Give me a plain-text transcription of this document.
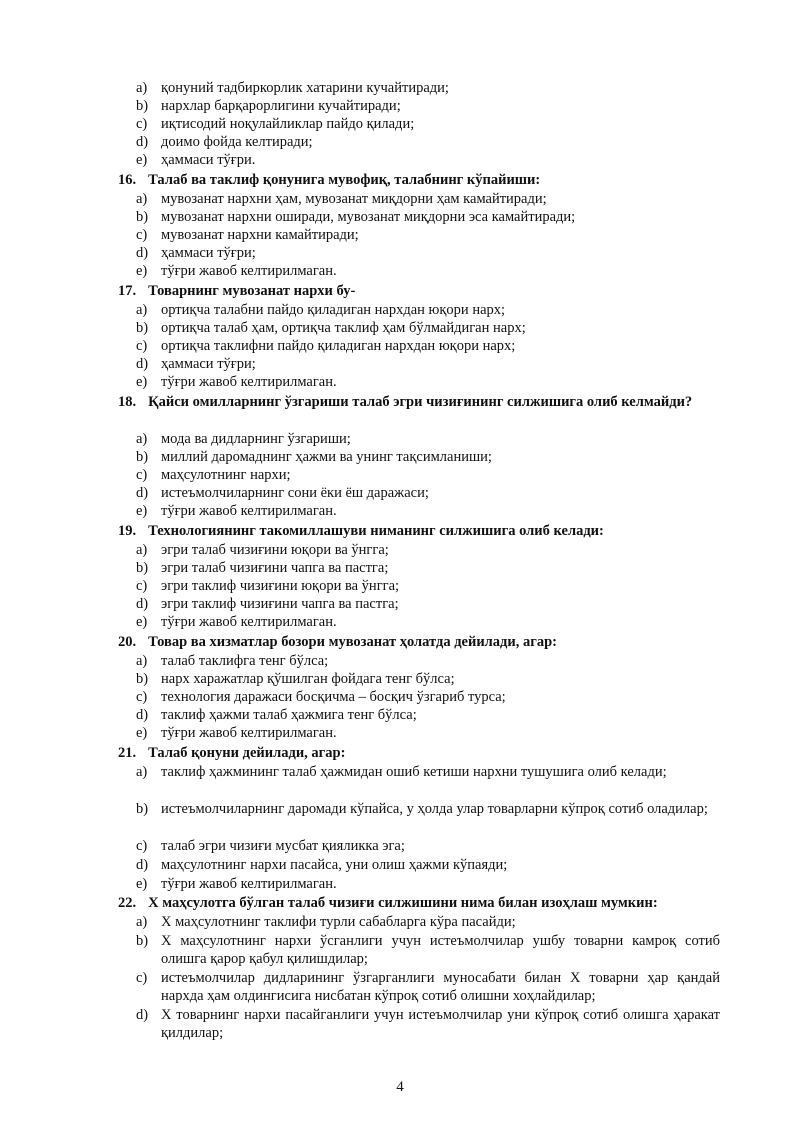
a) қонуний тадбиркорлик хатарини кучайтиради;
b) нархлар барқарорлигини кучайтиради;
c) иқтисодий ноқулайликлар пайдо қилади;
d) доимо фойда келтиради;
e) ҳаммаси тўғри.
16. Талаб ва таклиф қонунига мувофиқ, талабнинг кўпайиши:
a) мувозанат нархни ҳам, мувозанат миқдорни ҳам камайтиради;
b) мувозанат нархни оширади, мувозанат миқдорни эса камайтиради;
c) мувозанат нархни камайтиради;
d) ҳаммаси тўғри;
e) тўғри жавоб келтирилмаган.
17. Товарнинг мувозанат нархи бу-
a) ортиқча талабни пайдо қиладиган нархдан юқори нарх;
b) ортиқча талаб ҳам, ортиқча таклиф ҳам бўлмайдиган нарх;
c) ортиқча таклифни пайдо қиладиган нархдан юқори нарх;
d) ҳаммаси тўғри;
e) тўғри жавоб келтирилмаган.
18. Қайси омилларнинг ўзгариши талаб эгри чизиғининг силжишига олиб келмайди?
a) мода ва дидларнинг ўзгариши;
b) миллий даромаднинг ҳажми ва унинг тақсимланиши;
c) маҳсулотнинг нархи;
d) истеъмолчиларнинг сони ёки ёш даражаси;
e) тўғри жавоб келтирилмаган.
19. Технологиянинг такомиллашуви ниманинг силжишига олиб келади:
a) эгри талаб чизиғини юқори ва ўнгга;
b) эгри талаб чизиғини чапга ва пастга;
c) эгри таклиф чизиғини юқори ва ўнгга;
d) эгри таклиф чизиғини чапга ва пастга;
e) тўғри жавоб келтирилмаган.
20. Товар ва хизматлар бозори мувозанат ҳолатда дейилади, агар:
a) талаб таклифга тенг бўлса;
b) нарх харажатлар қўшилган фойдага тенг бўлса;
c) технология даражаси босқичма – босқич ўзгариб турса;
d) таклиф ҳажми талаб ҳажмига тенг бўлса;
e) тўғри жавоб келтирилмаган.
21. Талаб қонуни дейилади, агар:
a) таклиф ҳажмининг талаб ҳажмидан ошиб кетиши нархни тушушига олиб келади;
b) истеъмолчиларнинг даромади кўпайса, у ҳолда улар товарларни кўпроқ сотиб оладилар;
c) талаб эгри чизиғи мусбат қияликка эга;
d) маҳсулотнинг нархи пасайса, уни олиш ҳажми кўпаяди;
e) тўғри жавоб келтирилмаган.
22. Х маҳсулотга бўлган талаб чизиғи силжишини нима билан изоҳлаш мумкин:
a) Х маҳсулотнинг таклифи турли сабабларга кўра пасайди;
b) Х маҳсулотнинг нархи ўсганлиги учун истеъмолчилар ушбу товарни камроқ сотиб олишга қарор қабул қилишдилар;
c) истеъмолчилар дидларининг ўзгарганлиги муносабати билан Х товарни ҳар қандай нархда ҳам олдингисига нисбатан кўпроқ сотиб олишни хоҳлайдилар;
d) Х товарнинг нархи пасайганлиги учун истеъмолчилар уни кўпроқ сотиб олишга ҳаракат қилдилар;
4
